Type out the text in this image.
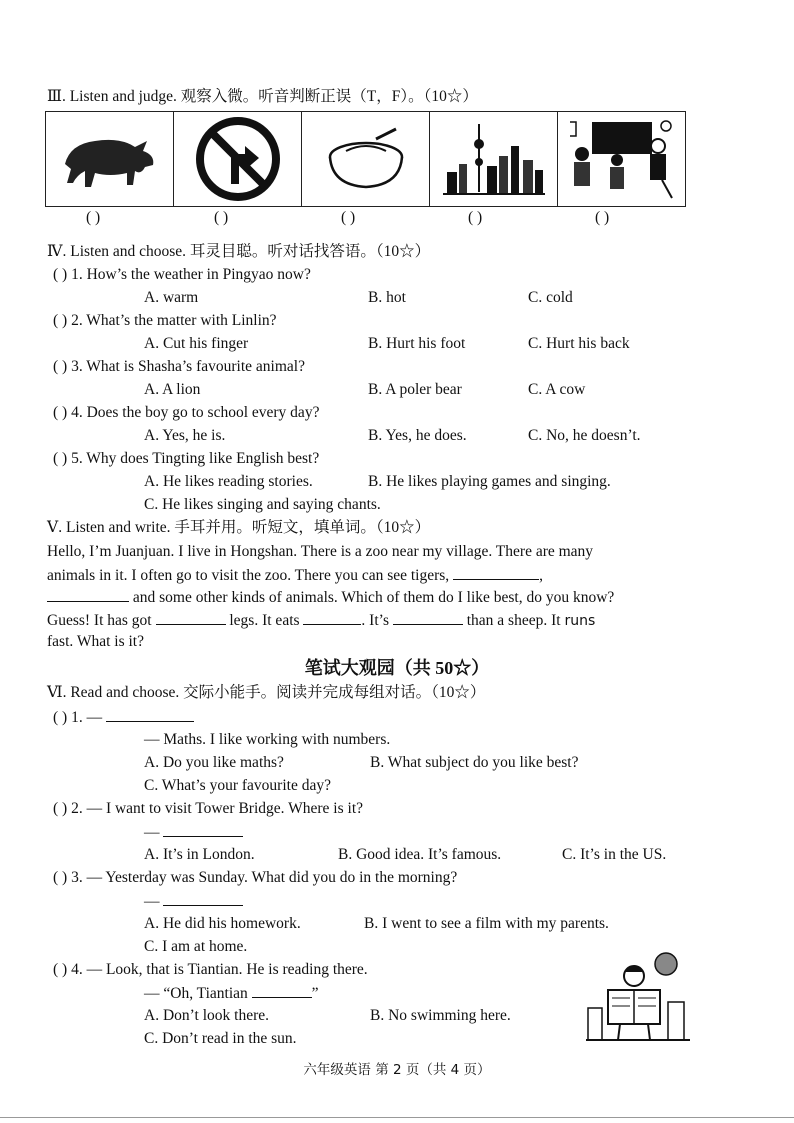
Ⅲ. Listen and judge. 观察入微。听音判断正误（T，F）。（10☆）
( )	( )	( )	( )	( )
Ⅳ. Listen and choose. 耳灵目聪。听对话找答语。（10☆）
( ) 1. How’s the weather in Pingyao now?
A. warm	B. hot	C. cold
( ) 2. What’s the matter with Linlin?
A. Cut his finger	B. Hurt his foot	C. Hurt his back
( ) 3. What is Shasha’s favourite animal?
A. A lion	B. A poler bear	C. A cow
( ) 4. Does the boy go to school every day?
A. Yes, he is.	B. Yes, he does.	C. No, he doesn’t.
( ) 5. Why does Tingting like English best?
A. He likes reading stories.	B. He likes playing games and singing.
C. He likes singing and saying chants.
Ⅴ. Listen and write. 手耳并用。听短文，填单词。（10☆）
Hello, I’m Juanjuan. I live in Hongshan. There is a zoo near my village. There are many
animals in it. I often go to visit the zoo. There you can see tigers,	,
and some other kinds of animals. Which of them do I like best, do you know?
Guess! It has got	legs. It eats	. It’s	than a sheep. It runs
fast. What is it?
笔试大观园（共 50☆）
Ⅵ. Read and choose. 交际小能手。阅读并完成每组对话。（10☆）
( ) 1. —
— Maths. I like working with numbers.
A. Do you like maths?	B. What subject do you like best?
C. What’s your favourite day?
( ) 2. — I want to visit Tower Bridge. Where is it?
—
A. It’s in London.	B. Good idea. It’s famous.	C. It’s in the US.
( ) 3. — Yesterday was Sunday. What did you do in the morning?
—
A. He did his homework.	B. I went to see a film with my parents.
C. I am at home.
( ) 4. — Look, that is Tiantian. He is reading there.
— “Oh, Tiantian	”
A. Don’t look there.	B. No swimming here.
C. Don’t read in the sun.
六年级英语 第 2 页（共 4 页）
